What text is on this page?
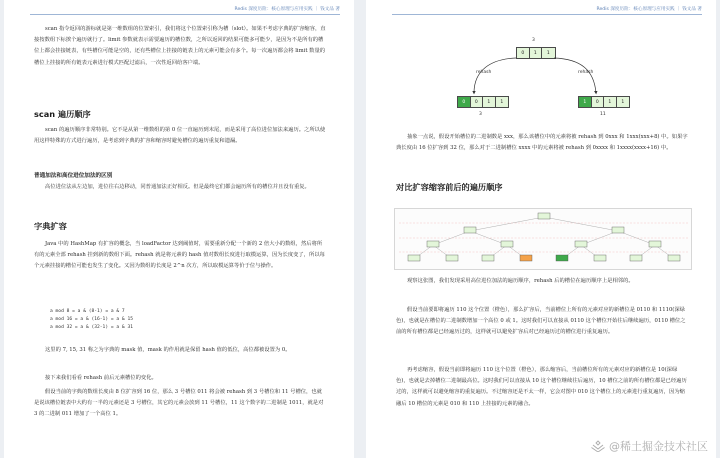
Redis 深度历险：核心原理与应用实践 ｜ 钱文品 著
scan 指令返回的游标就是第一维数组的位置索引，我们将这个位置索引称为槽（slot）。如果不考虑字典的扩容缩容，直接按数组下标挨个遍历就行了。limit 参数就表示需要遍历的槽位数，之所以返回的结果可能多可能少，是因为不是所有的槽位上都会挂接链表，有些槽位可能是空的，还有些槽位上挂接的链表上的元素可能会有多个。每一次遍历都会将 limit 数量的槽位上挂接的所有链表元素进行模式匹配过滤后，一次性返回给客户端。
scan 遍历顺序
scan 的遍历顺序非常特别。它不是从第一维数组的第 0 位一直遍历到末尾，而是采用了高位进位加法来遍历。之所以使用这样特殊的方式进行遍历，是考虑到字典的扩容和缩容时避免槽位的遍历重复和遗漏。
普通加法和高位进位加法的区别
高位进位法从左边加，进位往右边移动，同普通加法正好相反。但是最终它们都会遍历所有的槽位并且没有重复。
字典扩容
Java 中的 HashMap 有扩容的概念，当 loadFactor 达到阈值时，需要重新分配一个新的 2 倍大小的数组，然后将所有的元素全部 rehash 挂到新的数组下面。rehash 就是将元素的 hash 值对数组长度进行取模运算，因为长度变了，所以每个元素挂接的槽位可能也发生了变化。又因为数组的长度是 2^n 次方，所以取模运算等价于位与操作。
a mod 8 = a & (8-1) = a & 7
a mod 16 = a & (16-1) = a & 15
a mod 32 = a & (32-1) = a & 31
这里的 7, 15, 31 称之为字典的 mask 值，mask 的作用就是保留 hash 值的低位，高位都被设置为 0。
接下来我们看看 rehash 前后元素槽位的变化。
假设当前的字典的数组长度由 8 位扩容到 16 位，那么 3 号槽位 011 将会被 rehash 到 3 号槽位和 11 号槽位，也就是说该槽位链表中大约有一半的元素还是 3 号槽位，其它的元素会放到 11 号槽位，11 这个数字的二进制是 1011，就是对 3 的二进制 011 增加了一个高位 1。
Redis 深度历险：核心原理与应用实践 ｜ 钱文品 著
3
0	1	1
rehash	rehash
0	0	1	1	1	0	1	1
3	11
抽象一点说，假设开始槽位的二进制数是 xxx，那么该槽位中的元素将被 rehash 到 0xxx 和 1xxx(xxx+8) 中。如果字典长度由 16 位扩容到 32 位，那么对于二进制槽位 xxxx 中的元素将被 rehash 到 0xxxx 和 1xxxx(xxxx+16) 中。
对比扩容缩容前后的遍历顺序
观察这张图，我们发现采用高位进位加法的遍历顺序，rehash 后的槽位在遍历顺序上是相邻的。
假设当前要即将遍历 110 这个位置（橙色），那么扩容后，当前槽位上所有的元素对应的新槽位是 0110 和 1110(深绿色)，也就是在槽位的二进制数增加一个高位 0 或 1。这时我们可以直接从 0110 这个槽位开始往后继续遍历，0110 槽位之前的所有槽位都是已经遍历过的，这样就可以避免扩容后对已经遍历过的槽位进行重复遍历。
再考虑缩容，假设当前即将遍历 110 这个位置（橙色），那么缩容后，当前槽位所有的元素对应的新槽位是 10(深绿色)，也就是去掉槽位二进制最高位。这时我们可以直接从 10 这个槽位继续往后遍历，10 槽位之前的所有槽位都是已经遍历过的，这样就可以避免缩容的重复遍历。不过缩容还是不太一样，它会对图中 010 这个槽位上的元素进行重复遍历，因为缩融后 10 槽位的元素是 010 和 110 上挂接的元素的融合。
@稀土掘金技术社区
